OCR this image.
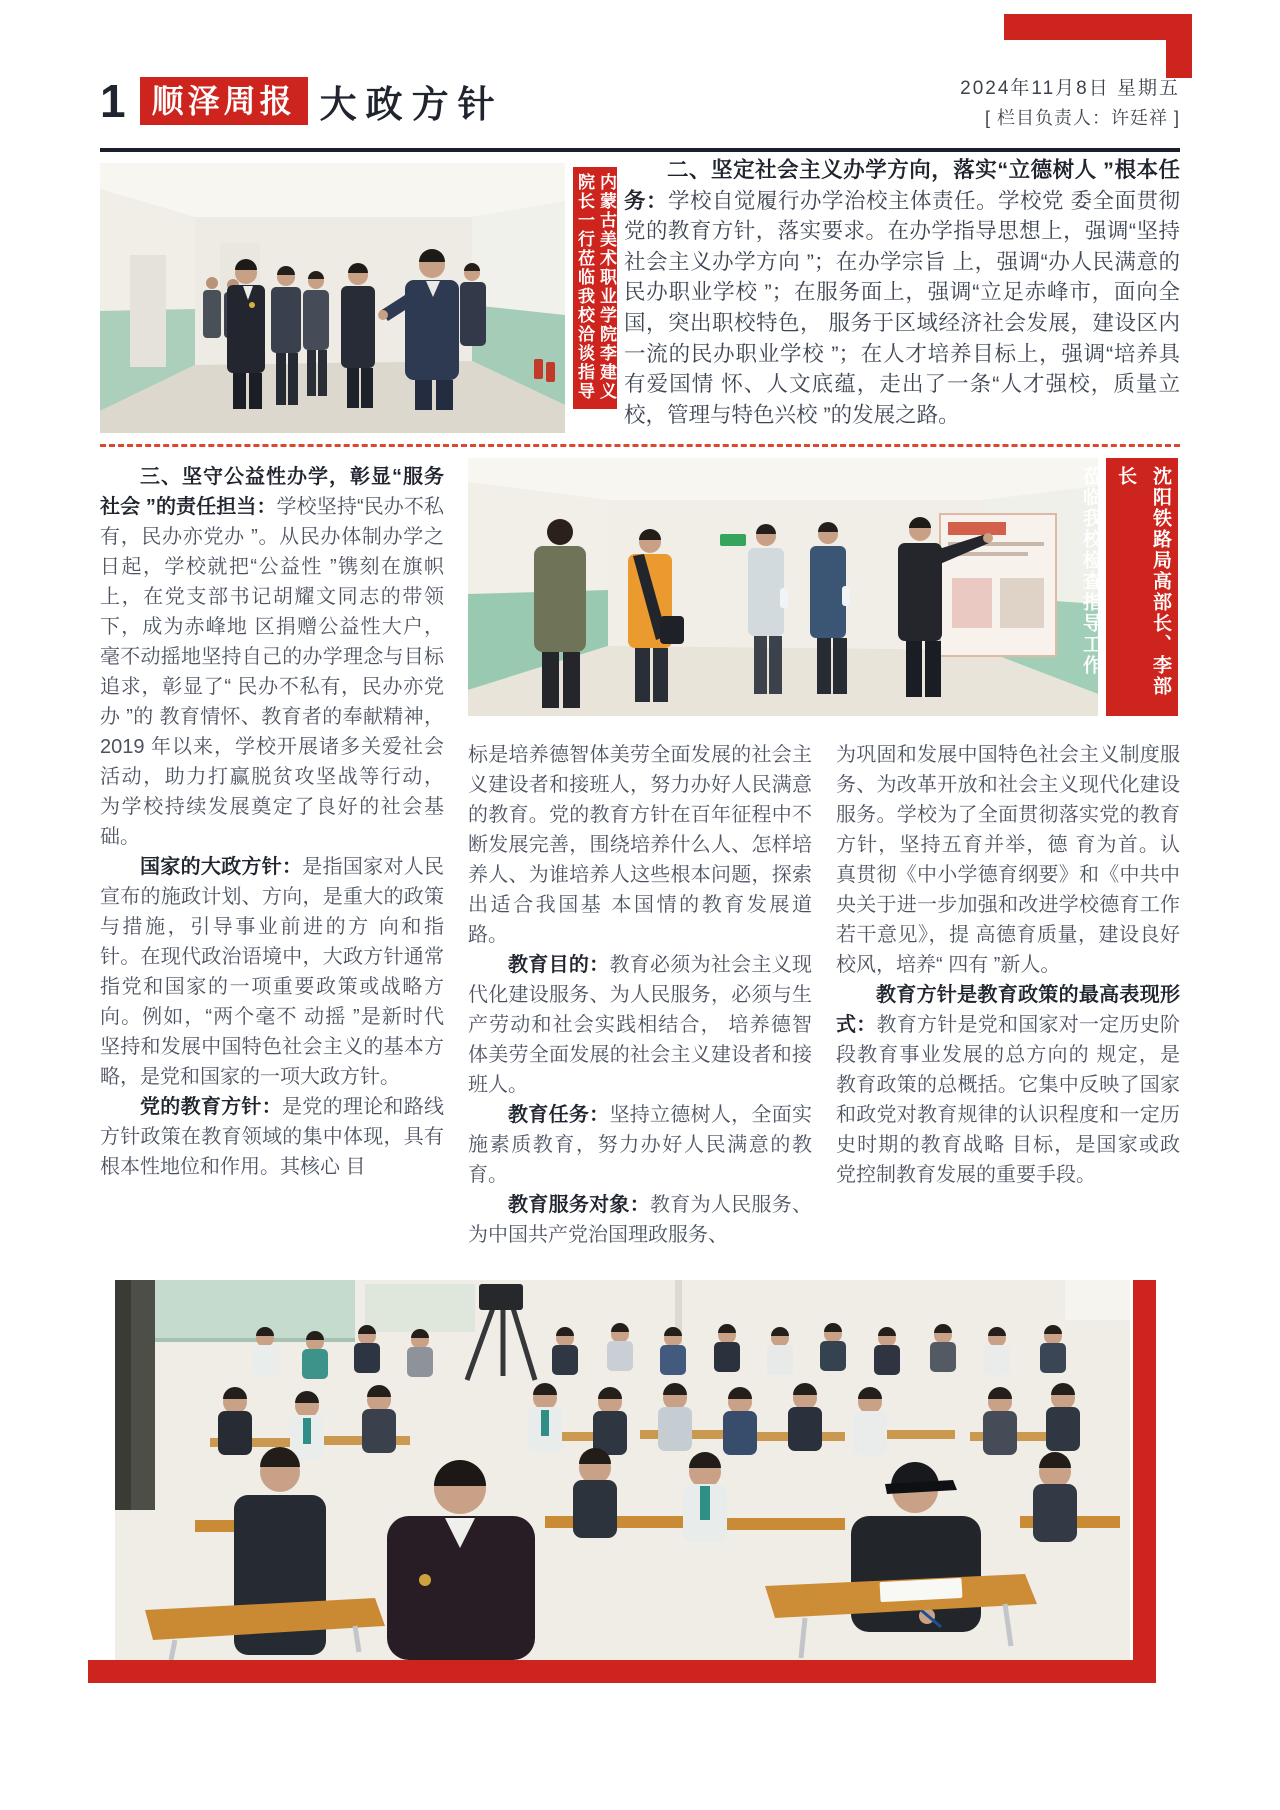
1 顺泽周报 大政方针	2024年11月8日 星期五
[ 栏目负责人：许廷祥 ]
内蒙古美术职业学院李建义
院长一行莅临我校洽谈指导

二、坚定社会主义办学方向，落实“立德树人 ”根本任务：学校自觉履行办学治校主体责任。学校党 委全面贯彻党的教育方针，落实要求。在办学指导思想上，强调“坚持社会主义办学方向 ”；在办学宗旨 上，强调“办人民满意的民办职业学校 ”；在服务面上，强调“立足赤峰市，面向全国，突出职校特色， 服务于区域经济社会发展，建设区内一流的民办职业学校 ”；在人才培养目标上，强调“培养具有爱国情 怀、人文底蕴，走出了一条“人才强校，质量立校，管理与特色兴校 ”的发展之路。

三、坚守公益性办学，彰显“服务社会 ”的责任担当：学校坚持“民办不私有，民办亦党办 ”。从民办体制办学之日起，学校就把“公益性 ”镌刻在旗帜上，在党支部书记胡耀文同志的带领下，成为赤峰地 区捐赠公益性大户，毫不动摇地坚持自己的办学理念与目标追求，彰显了“ 民办不私有，民办亦党办 ”的 教育情怀、教育者的奉献精神，2019 年以来，学校开展诸多关爱社会活动，助力打赢脱贫攻坚战等行动， 为学校持续发展奠定了良好的社会基础。

国家的大政方针：是指国家对人民宣布的施政计划、方向，是重大的政策与措施，引导事业前进的方 向和指针。在现代政治语境中，大政方针通常指党和国家的一项重要政策或战略方向。例如，“两个毫不 动摇 ”是新时代坚持和发展中国特色社会主义的基本方略，是党和国家的一项大政方针。

党的教育方针：是党的理论和路线方针政策在教育领域的集中体现，具有根本性地位和作用。其核心 目

沈阳铁路局高部长、李部长
莅临我校检查指导工作

标是培养德智体美劳全面发展的社会主义建设者和接班人，努力办好人民满意的教育。党的教育方针在百年征程中不断发展完善，围绕培养什么人、怎样培养人、为谁培养人这些根本问题，探索出适合我国基 本国情的教育发展道路。

教育目的：教育必须为社会主义现代化建设服务、为人民服务，必须与生产劳动和社会实践相结合， 培养德智体美劳全面发展的社会主义建设者和接班人。

教育任务：坚持立德树人，全面实施素质教育，努力办好人民满意的教育。

教育服务对象：教育为人民服务、为中国共产党治国理政服务、

为巩固和发展中国特色社会主义制度服务、为改革开放和社会主义现代化建设服务。学校为了全面贯彻落实党的教育方针，坚持五育并举，德 育为首。认真贯彻《中小学德育纲要》和《中共中央关于进一步加强和改进学校德育工作若干意见》，提 高德育质量，建设良好校风，培养“ 四有 ”新人。

教育方针是教育政策的最高表现形式：教育方针是党和国家对一定历史阶段教育事业发展的总方向的 规定，是教育政策的总概括。它集中反映了国家和政党对教育规律的认识程度和一定历史时期的教育战略 目标，是国家或政党控制教育发展的重要手段。
